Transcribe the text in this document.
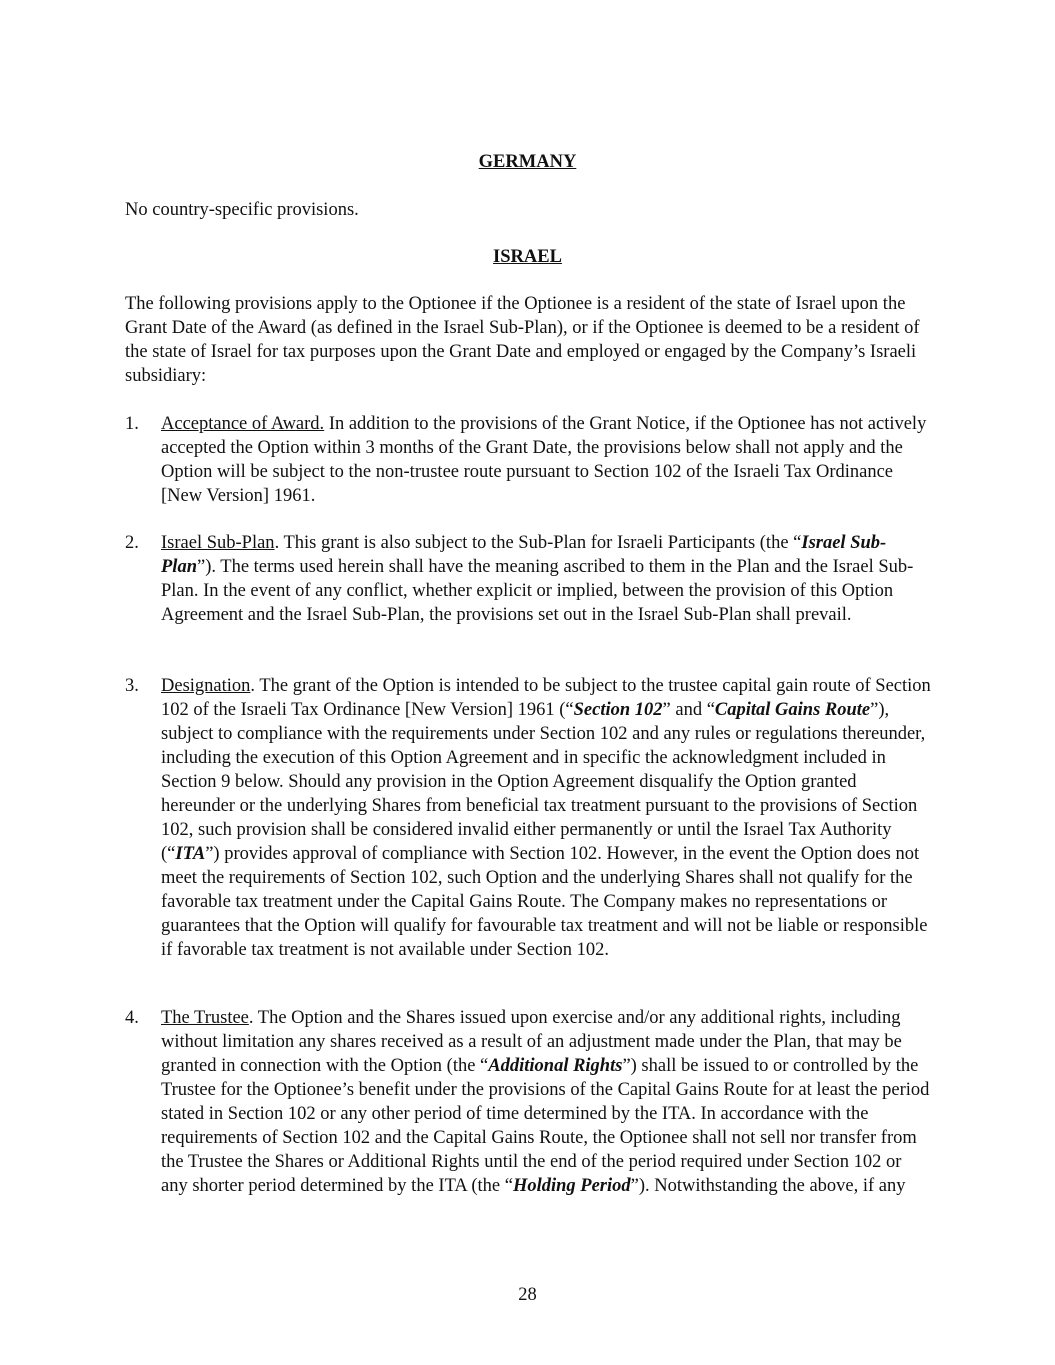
GERMANY

No country-specific provisions.

ISRAEL

The following provisions apply to the Optionee if the Optionee is a resident of the state of Israel upon the Grant Date of the Award (as defined in the Israel Sub-Plan), or if the Optionee is deemed to be a resident of the state of Israel for tax purposes upon the Grant Date and employed or engaged by the Company’s Israeli subsidiary:

1. Acceptance of Award. In addition to the provisions of the Grant Notice, if the Optionee has not actively accepted the Option within 3 months of the Grant Date, the provisions below shall not apply and the Option will be subject to the non-trustee route pursuant to Section 102 of the Israeli Tax Ordinance [New Version] 1961.
2. Israel Sub-Plan. This grant is also subject to the Sub-Plan for Israeli Participants (the “Israel Sub-Plan”). The terms used herein shall have the meaning ascribed to them in the Plan and the Israel Sub-Plan. In the event of any conflict, whether explicit or implied, between the provision of this Option Agreement and the Israel Sub-Plan, the provisions set out in the Israel Sub-Plan shall prevail.
3. Designation. The grant of the Option is intended to be subject to the trustee capital gain route of Section 102 of the Israeli Tax Ordinance [New Version] 1961 (“Section 102” and “Capital Gains Route”), subject to compliance with the requirements under Section 102 and any rules or regulations thereunder, including the execution of this Option Agreement and in specific the acknowledgment included in Section 9 below. Should any provision in the Option Agreement disqualify the Option granted hereunder or the underlying Shares from beneficial tax treatment pursuant to the provisions of Section 102, such provision shall be considered invalid either permanently or until the Israel Tax Authority (“ITA”) provides approval of compliance with Section 102. However, in the event the Option does not meet the requirements of Section 102, such Option and the underlying Shares shall not qualify for the favorable tax treatment under the Capital Gains Route. The Company makes no representations or guarantees that the Option will qualify for favourable tax treatment and will not be liable or responsible if favorable tax treatment is not available under Section 102.
4. The Trustee. The Option and the Shares issued upon exercise and/or any additional rights, including without limitation any shares received as a result of an adjustment made under the Plan, that may be granted in connection with the Option (the “Additional Rights”) shall be issued to or controlled by the Trustee for the Optionee’s benefit under the provisions of the Capital Gains Route for at least the period stated in Section 102 or any other period of time determined by the ITA. In accordance with the requirements of Section 102 and the Capital Gains Route, the Optionee shall not sell nor transfer from the Trustee the Shares or Additional Rights until the end of the period required under Section 102 or any shorter period determined by the ITA (the “Holding Period”). Notwithstanding the above, if any
28
